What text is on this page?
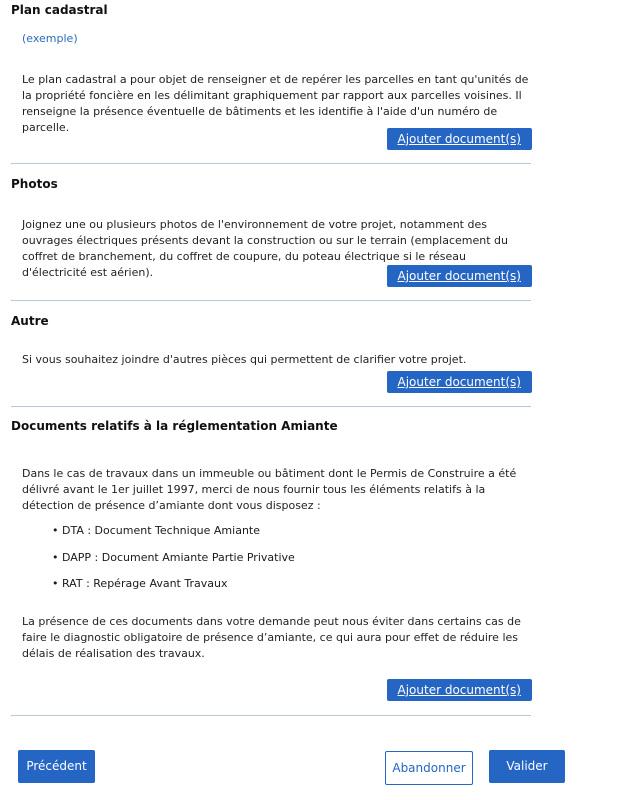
Plan cadastral
(exemple)
Le plan cadastral a pour objet de renseigner et de repérer les parcelles en tant qu'unités de la propriété foncière en les délimitant graphiquement par rapport aux parcelles voisines. Il renseigne la présence éventuelle de bâtiments et les identifie à l'aide d'un numéro de parcelle.
Ajouter document(s)
Photos
Joignez une ou plusieurs photos de l'environnement de votre projet, notamment des ouvrages électriques présents devant la construction ou sur le terrain (emplacement du coffret de branchement, du coffret de coupure, du poteau électrique si le réseau d'électricité est aérien).	Ajouter document(s)
Autre
Si vous souhaitez joindre d'autres pièces qui permettent de clarifier votre projet.
Ajouter document(s)
Documents relatifs à la réglementation Amiante
Dans le cas de travaux dans un immeuble ou bâtiment dont le Permis de Construire a été délivré avant le 1er juillet 1997, merci de nous fournir tous les éléments relatifs à la détection de présence d’amiante dont vous disposez :
• DTA : Document Technique Amiante
• DAPP : Document Amiante Partie Privative
• RAT : Repérage Avant Travaux
La présence de ces documents dans votre demande peut nous éviter dans certains cas de faire le diagnostic obligatoire de présence d’amiante, ce qui aura pour effet de réduire les délais de réalisation des travaux.
Ajouter document(s)
Précédent	Abandonner	Valider
